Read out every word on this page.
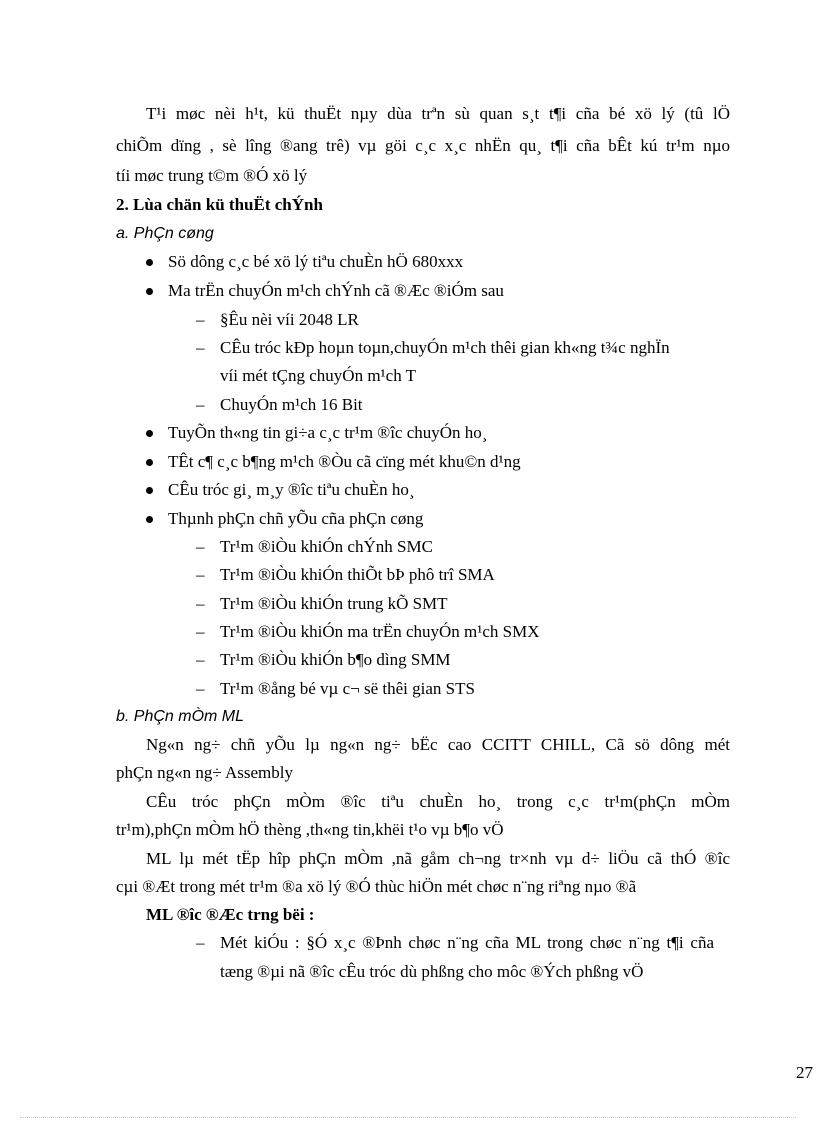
T¹i møc nèi h¹t, kü thuËt nµy dùa trªn sù quan s¸t t¶i cña bé xö lý (tû lÖ
chiÕm dïng , sè lîng ®ang trê) vµ göi c¸c x¸c nhËn qu¸ t¶i cña bÊt kú tr¹m nµo
tíi møc trung t©m ®Ó xö lý
2. Lùa chän kü thuËt chÝnh
a. PhÇn cøng
Sö dông c¸c bé xö lý tiªu chuÈn hÖ 680xxx
Ma trËn chuyÓn m¹ch chÝnh cã ®Æc ®iÓm sau
– §Êu nèi víi 2048 LR
– CÊu tróc kÐp hoµn toµn,chuyÓn m¹ch thêi gian kh«ng t¾c nghÏn
víi mét tÇng chuyÓn m¹ch T
– ChuyÓn m¹ch 16 Bit
TuyÕn th«ng tin gi÷a c¸c tr¹m ®îc chuyÓn ho¸
TÊt c¶ c¸c b¶ng m¹ch ®Òu cã cïng mét khu©n d¹ng
CÊu tróc gi¸ m¸y ®îc tiªu chuÈn ho¸
Thµnh phÇn chñ yÕu cña phÇn cøng
– Tr¹m ®iÒu khiÓn chÝnh SMC
– Tr¹m ®iÒu khiÓn thiÕt bÞ phô trî SMA
– Tr¹m ®iÒu khiÓn trung kÕ SMT
– Tr¹m ®iÒu khiÓn ma trËn chuyÓn m¹ch SMX
– Tr¹m ®iÒu khiÓn b¶o dìng SMM
– Tr¹m ®ång bé vµ c¬ së thêi gian STS
b. PhÇn mÒm ML
Ng«n ng÷ chñ yÕu lµ ng«n ng÷ bËc cao CCITT CHILL, Cã sö dông mét
phÇn ng«n ng÷ Assembly
CÊu tróc phÇn mÒm ®îc tiªu chuÈn ho¸ trong c¸c tr¹m(phÇn mÒm
tr¹m),phÇn mÒm hÖ thèng ,th«ng tin,khëi t¹o vµ b¶o vÖ
ML lµ mét tËp hîp phÇn mÒm ,nã gåm ch¬ng tr×nh vµ d÷ liÖu cã thÓ ®îc
cµi ®Æt trong mét tr¹m ®a xö lý ®Ó thùc hiÖn mét chøc n¨ng riªng nµo ®ã
ML ®îc ®Æc trng bëi :
– Mét kiÓu : §Ó x¸c ®Þnh chøc n¨ng cña ML trong chøc n¨ng t¶i cña
tæng ®µi nã ®îc cÊu tróc dù phßng cho môc ®Ých phßng vÖ
27
